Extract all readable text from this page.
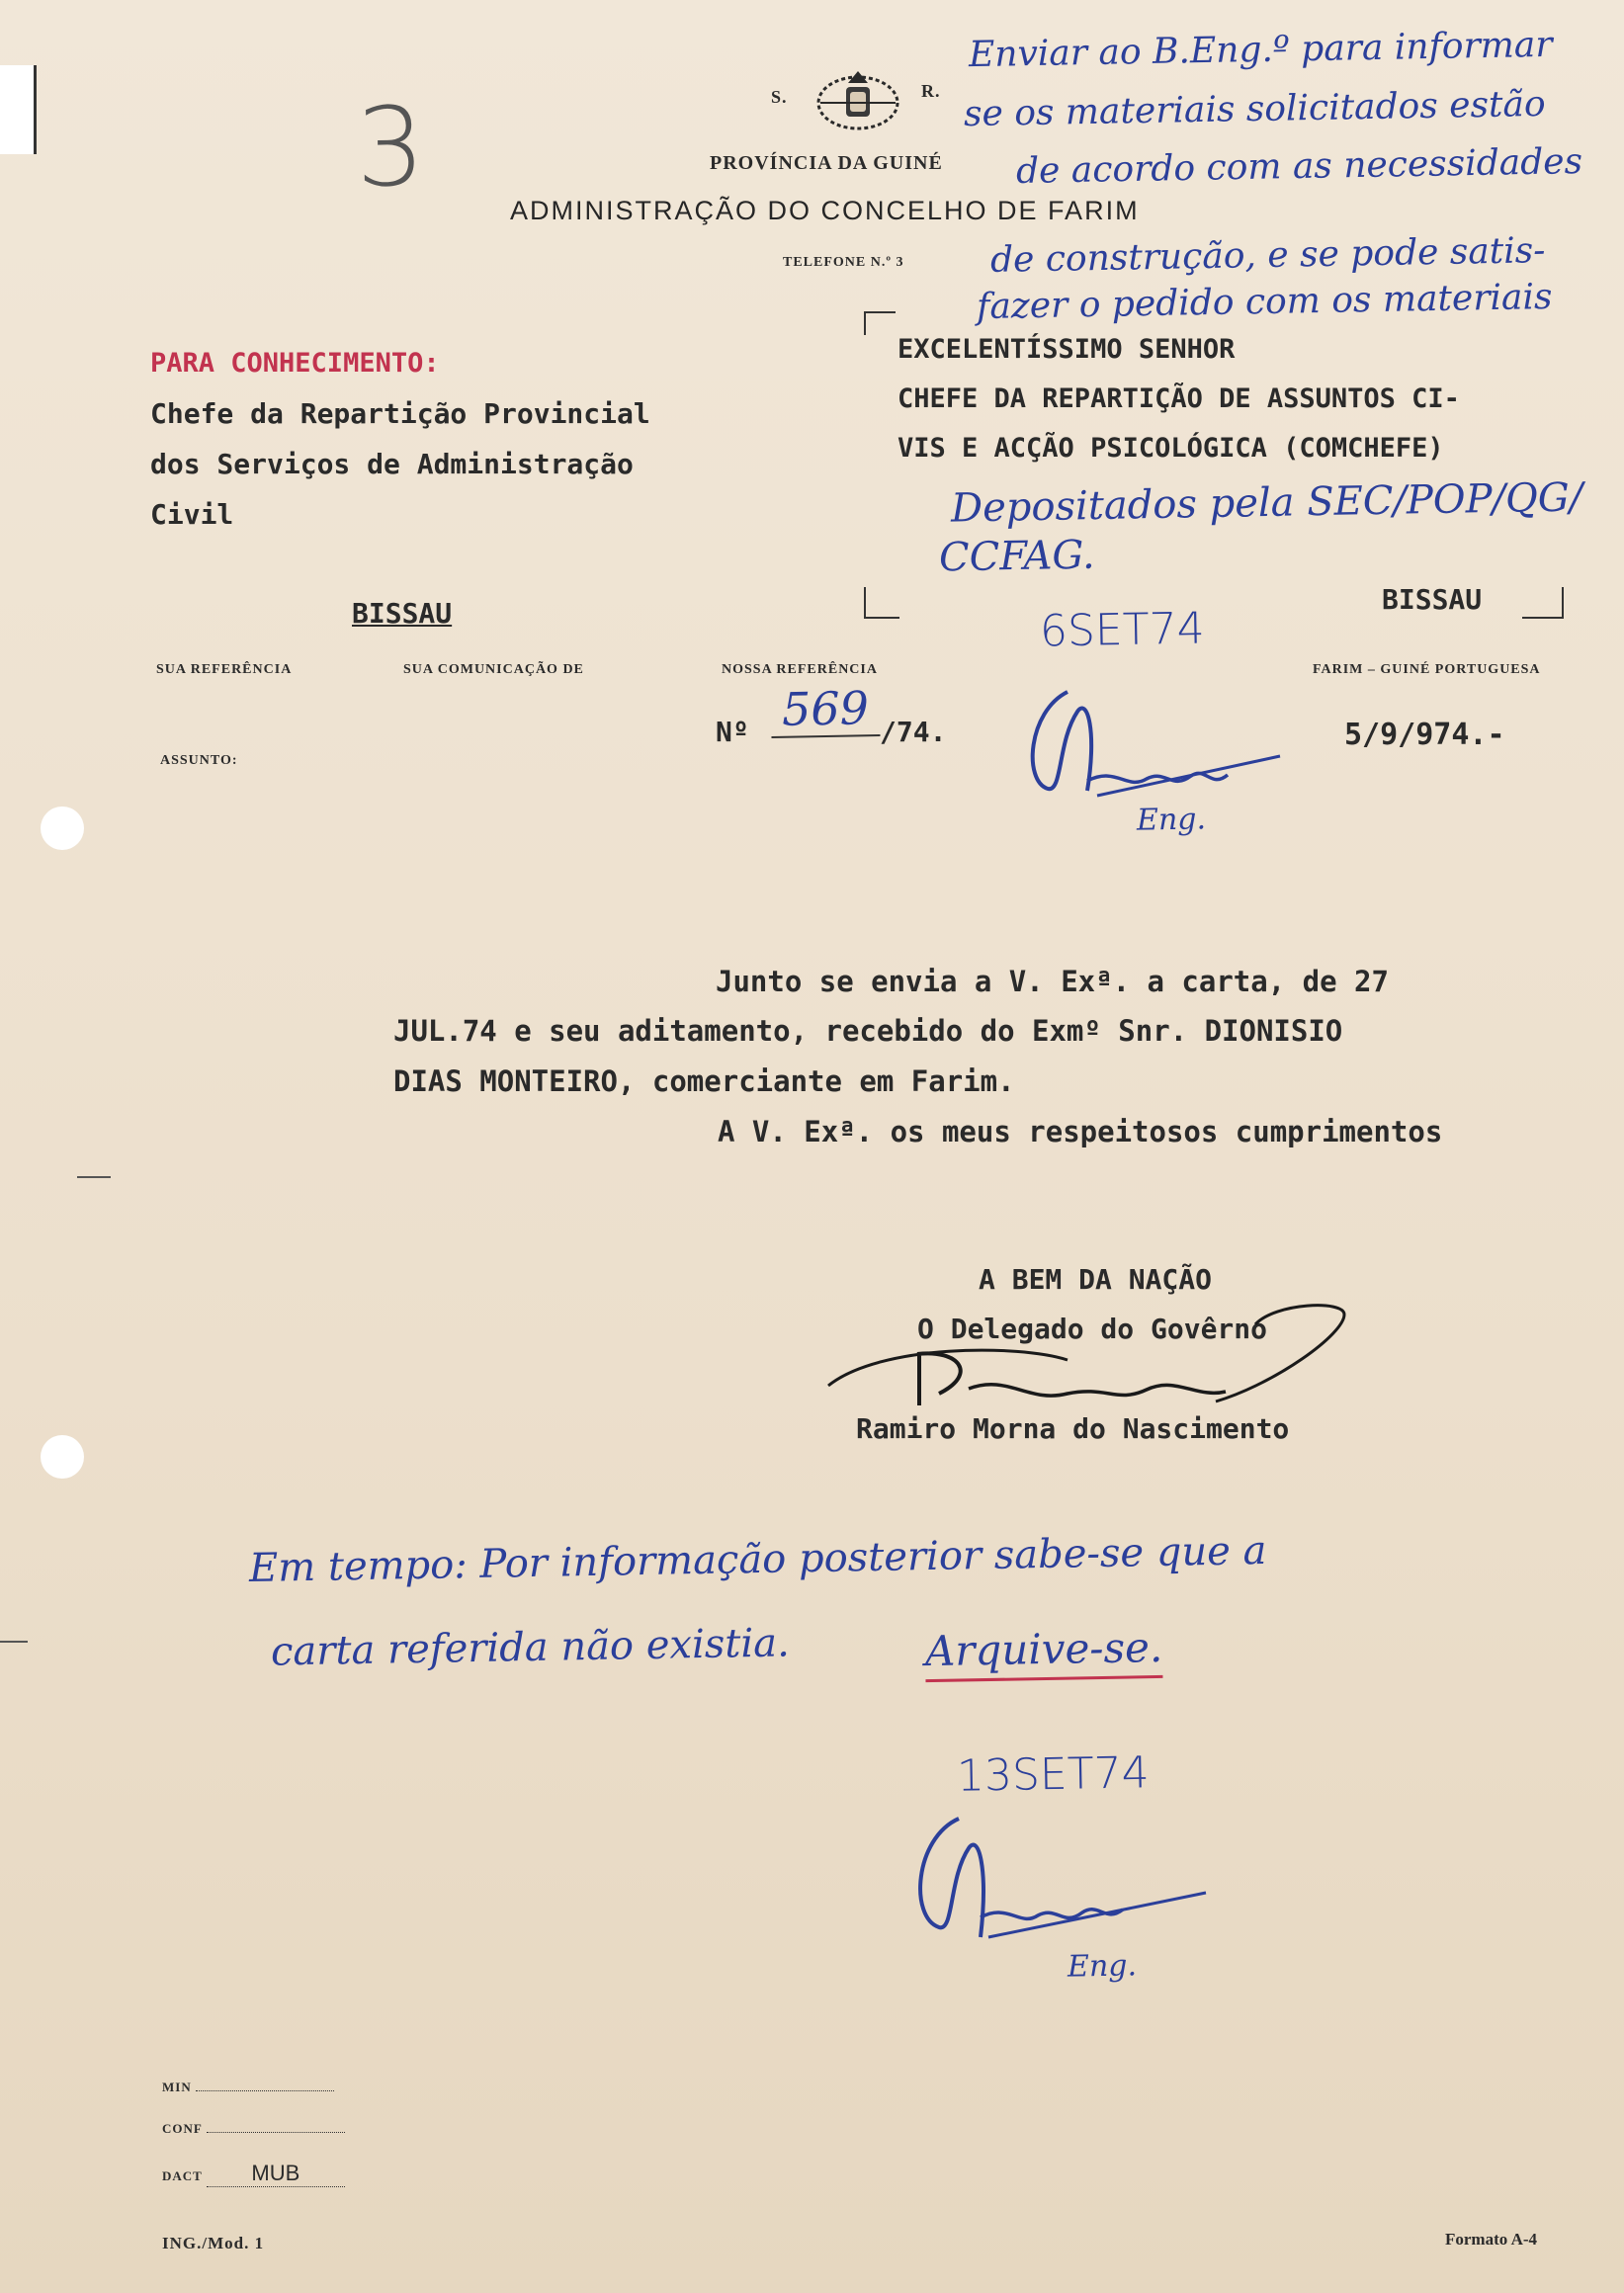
3	S.	R.
PROVÍNCIA DA GUINÉ
ADMINISTRAÇÃO DO CONCELHO DE FARIM
TELEFONE N.º 3
Enviar ao B.Eng.º para informar
se os materiais solicitados estão
de acordo com as necessidades
de construção, e se pode satis-
fazer o pedido com os materiais
PARA CONHECIMENTO:
Chefe da Repartição Provincial
dos Serviços de Administração
Civil
BISSAU
EXCELENTÍSSIMO SENHOR
CHEFE DA REPARTIÇÃO DE ASSUNTOS CI-
VIS E ACÇÃO PSICOLÓGICA (COMCHEFE)
Depositados pela SEC/POP/QG/
CCFAG.
BISSAU
SUA REFERÊNCIA	SUA COMUNICAÇÃO DE	NOSSA REFERÊNCIA	FARIM – GUINÉ PORTUGUESA
ASSUNTO:
Nº 569 /74.	5/9/974.-
6SET74
Eng.
Junto se envia a V. Exª. a carta, de 27
JUL.74 e seu aditamento, recebido do Exmº Snr. DIONISIO
DIAS MONTEIRO, comerciante em Farim.
A V. Exª. os meus respeitosos cumprimentos
A BEM DA NAÇÃO
O Delegado do Govêrno
Ramiro Morna do Nascimento
Em tempo: Por informação posterior sabe-se que a
carta referida não existia.	Arquive-se.
13SET74
Eng.
MIN
CONF
DACT MUB
ING./Mod. 1	Formato A-4
